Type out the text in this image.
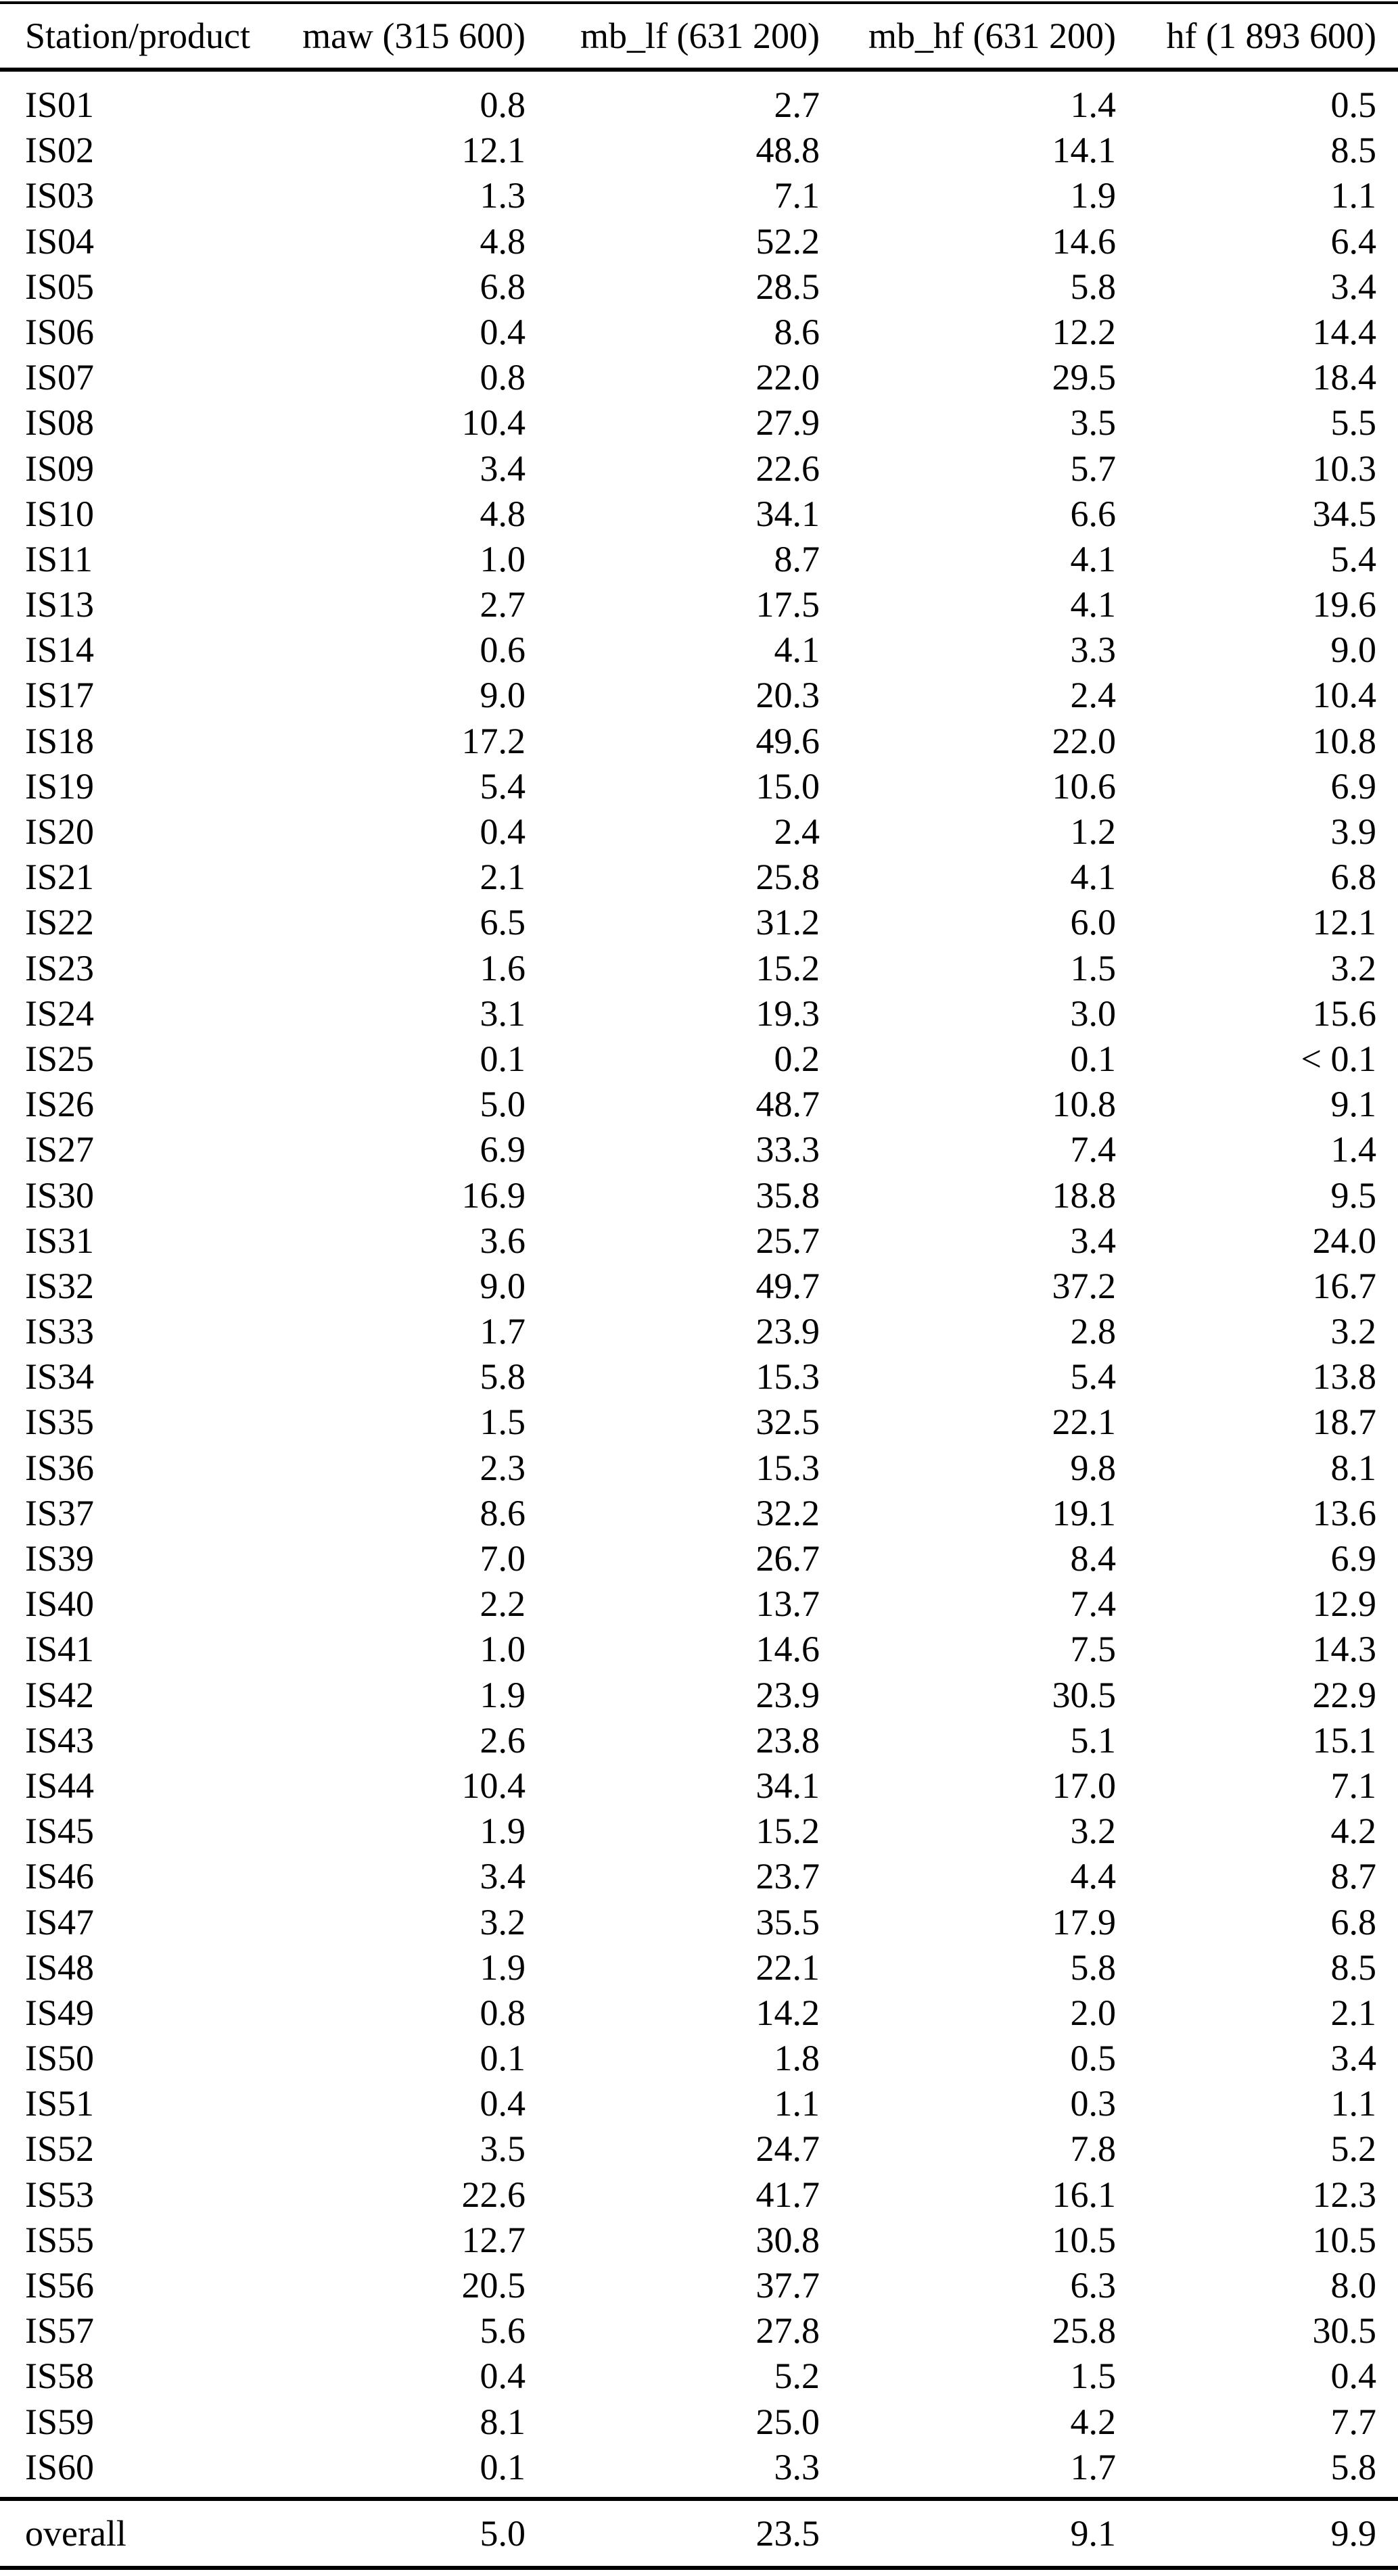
Station/product	maw (315 600)	mb_lf (631 200)	mb_hf (631 200)	hf (1 893 600)
IS01	0.8	2.7	1.4	0.5
IS02	12.1	48.8	14.1	8.5
IS03	1.3	7.1	1.9	1.1
IS04	4.8	52.2	14.6	6.4
IS05	6.8	28.5	5.8	3.4
IS06	0.4	8.6	12.2	14.4
IS07	0.8	22.0	29.5	18.4
IS08	10.4	27.9	3.5	5.5
IS09	3.4	22.6	5.7	10.3
IS10	4.8	34.1	6.6	34.5
IS11	1.0	8.7	4.1	5.4
IS13	2.7	17.5	4.1	19.6
IS14	0.6	4.1	3.3	9.0
IS17	9.0	20.3	2.4	10.4
IS18	17.2	49.6	22.0	10.8
IS19	5.4	15.0	10.6	6.9
IS20	0.4	2.4	1.2	3.9
IS21	2.1	25.8	4.1	6.8
IS22	6.5	31.2	6.0	12.1
IS23	1.6	15.2	1.5	3.2
IS24	3.1	19.3	3.0	15.6
IS25	0.1	0.2	0.1	< 0.1
IS26	5.0	48.7	10.8	9.1
IS27	6.9	33.3	7.4	1.4
IS30	16.9	35.8	18.8	9.5
IS31	3.6	25.7	3.4	24.0
IS32	9.0	49.7	37.2	16.7
IS33	1.7	23.9	2.8	3.2
IS34	5.8	15.3	5.4	13.8
IS35	1.5	32.5	22.1	18.7
IS36	2.3	15.3	9.8	8.1
IS37	8.6	32.2	19.1	13.6
IS39	7.0	26.7	8.4	6.9
IS40	2.2	13.7	7.4	12.9
IS41	1.0	14.6	7.5	14.3
IS42	1.9	23.9	30.5	22.9
IS43	2.6	23.8	5.1	15.1
IS44	10.4	34.1	17.0	7.1
IS45	1.9	15.2	3.2	4.2
IS46	3.4	23.7	4.4	8.7
IS47	3.2	35.5	17.9	6.8
IS48	1.9	22.1	5.8	8.5
IS49	0.8	14.2	2.0	2.1
IS50	0.1	1.8	0.5	3.4
IS51	0.4	1.1	0.3	1.1
IS52	3.5	24.7	7.8	5.2
IS53	22.6	41.7	16.1	12.3
IS55	12.7	30.8	10.5	10.5
IS56	20.5	37.7	6.3	8.0
IS57	5.6	27.8	25.8	30.5
IS58	0.4	5.2	1.5	0.4
IS59	8.1	25.0	4.2	7.7
IS60	0.1	3.3	1.7	5.8
overall	5.0	23.5	9.1	9.9
